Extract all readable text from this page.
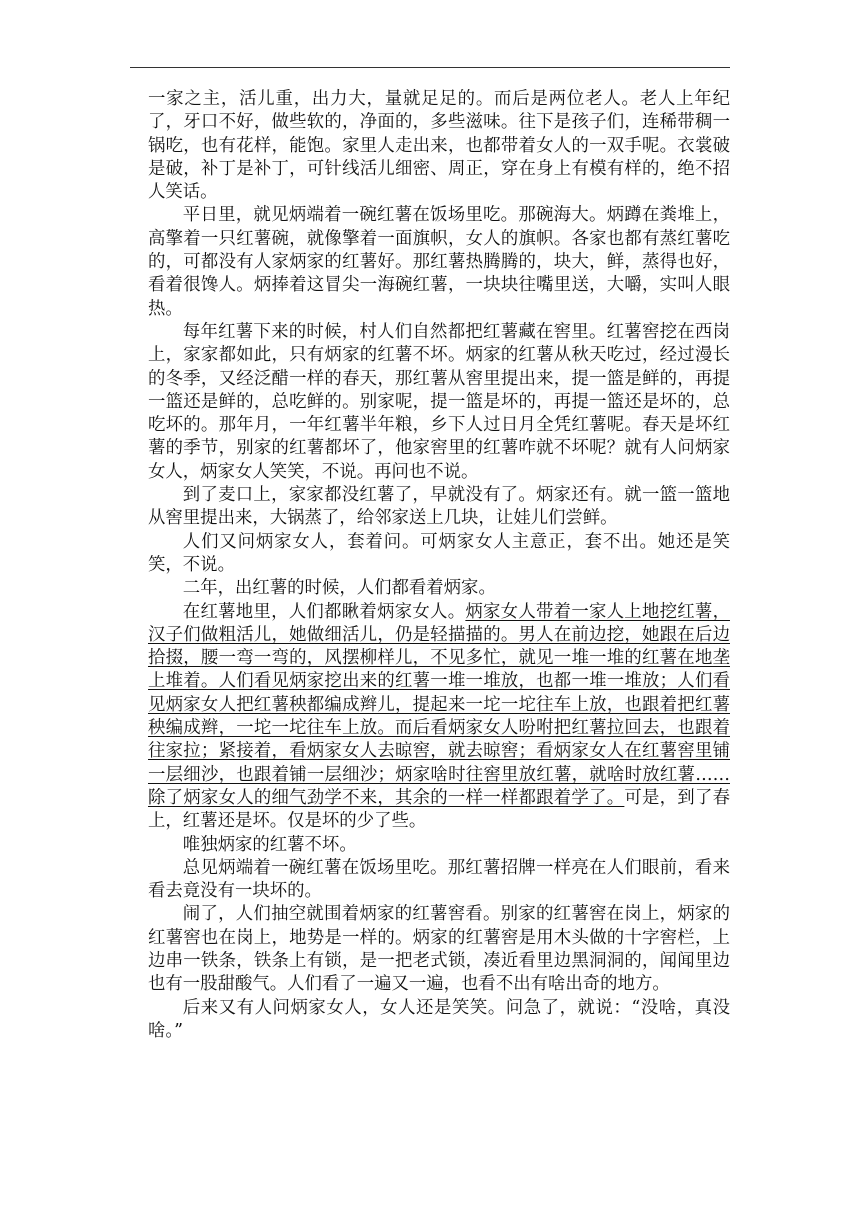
一家之主，活儿重，出力大，量就足足的。而后是两位老人。老人上年纪了，牙口不好，做些软的，净面的，多些滋味。往下是孩子们，连稀带稠一锅吃，也有花样，能饱。家里人走出来，也都带着女人的一双手呢。衣裳破是破，补丁是补丁，可针线活儿细密、周正，穿在身上有模有样的，绝不招人笑话。

平日里，就见炳端着一碗红薯在饭场里吃。那碗海大。炳蹲在粪堆上，高擎着一只红薯碗，就像擎着一面旗帜，女人的旗帜。各家也都有蒸红薯吃的，可都没有人家炳家的红薯好。那红薯热腾腾的，块大，鲜，蒸得也好，看着很馋人。炳捧着这冒尖一海碗红薯，一块块往嘴里送，大嚼，实叫人眼热。

每年红薯下来的时候，村人们自然都把红薯藏在窖里。红薯窖挖在西岗上，家家都如此，只有炳家的红薯不坏。炳家的红薯从秋天吃过，经过漫长的冬季，又经泛醋一样的春天，那红薯从窖里提出来，提一篮是鲜的，再提一篮还是鲜的，总吃鲜的。别家呢，提一篮是坏的，再提一篮还是坏的，总吃坏的。那年月，一年红薯半年粮，乡下人过日月全凭红薯呢。春天是坏红薯的季节，别家的红薯都坏了，他家窖里的红薯咋就不坏呢？就有人问炳家女人，炳家女人笑笑，不说。再问也不说。

到了麦口上，家家都没红薯了，早就没有了。炳家还有。就一篮一篮地从窖里提出来，大锅蒸了，给邻家送上几块，让娃儿们尝鲜。

人们又问炳家女人，套着问。可炳家女人主意正，套不出。她还是笑笑，不说。

二年，出红薯的时候，人们都看着炳家。

在红薯地里，人们都瞅着炳家女人。炳家女人带着一家人上地挖红薯，汉子们做粗活儿，她做细活儿，仍是轻描描的。男人在前边挖，她跟在后边拾掇，腰一弯一弯的，风摆柳样儿，不见多忙，就见一堆一堆的红薯在地垄上堆着。人们看见炳家挖出来的红薯一堆一堆放，也都一堆一堆放；人们看见炳家女人把红薯秧都编成辫儿，提起来一坨一坨往车上放，也跟着把红薯秧编成辫，一坨一坨往车上放。而后看炳家女人吩咐把红薯拉回去，也跟着往家拉；紧接着，看炳家女人去晾窖，就去晾窖；看炳家女人在红薯窖里铺一层细沙，也跟着铺一层细沙；炳家啥时往窖里放红薯，就啥时放红薯……除了炳家女人的细气劲学不来，其余的一样一样都跟着学了。可是，到了春上，红薯还是坏。仅是坏的少了些。

唯独炳家的红薯不坏。

总见炳端着一碗红薯在饭场里吃。那红薯招牌一样亮在人们眼前，看来看去竟没有一块坏的。

闹了，人们抽空就围着炳家的红薯窖看。别家的红薯窖在岗上，炳家的红薯窖也在岗上，地势是一样的。炳家的红薯窖是用木头做的十字窖栏，上边串一铁条，铁条上有锁，是一把老式锁，凑近看里边黑洞洞的，闻闻里边也有一股甜酸气。人们看了一遍又一遍，也看不出有啥出奇的地方。

后来又有人问炳家女人，女人还是笑笑。问急了，就说：“没啥，真没啥。”
